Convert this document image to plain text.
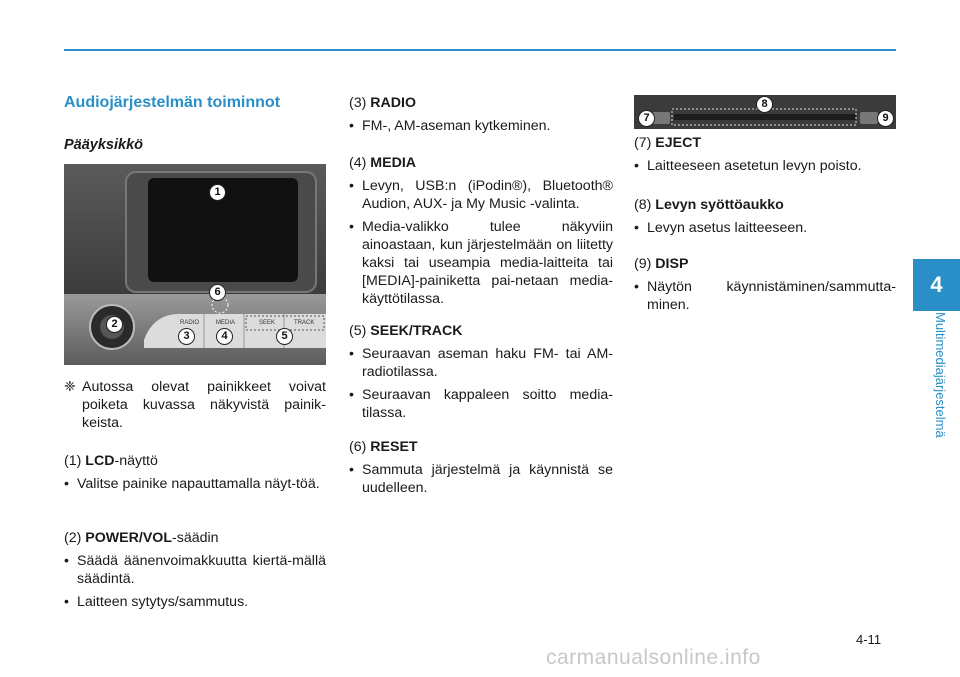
Audiojärjestelmän toiminnot
Pääyksikkö
RADIO	MEDIA	SEEK	TRACK
1
2
3	4	5
6
7
8
9
❈ Autossa olevat painikkeet voivat poiketa kuvassa näkyvistä painik-keista.

(1) LCD-näyttö

• Valitse painike napauttamalla näyt-töä.

(2) POWER/VOL-säädin

• Säädä äänenvoimakkuutta kiertä-mällä säädintä.

• Laitteen sytytys/sammutus.

(3) RADIO

• FM-, AM-aseman kytkeminen.

(4) MEDIA

• Levyn, USB:n (iPodin®), Bluetooth® Audion, AUX- ja My Music -valinta.

• Media-valikko tulee näkyviin ainoastaan, kun järjestelmään on liitetty kaksi tai useampia media-laitteita tai [MEDIA]-painiketta pai-netaan media-käyttötilassa.

(5) SEEK/TRACK

• Seuraavan aseman haku FM- tai AM-radiotilassa.

• Seuraavan kappaleen soitto media-tilassa.

(6) RESET

• Sammuta järjestelmä ja käynnistä se uudelleen.

(7) EJECT

• Laitteeseen asetetun levyn poisto.

(8) Levyn syöttöaukko

• Levyn asetus laitteeseen.

(9) DISP

• Näytön käynnistäminen/sammutta-minen.

4
Multimediajärjestelmä
4-11
carmanualsonline.info
